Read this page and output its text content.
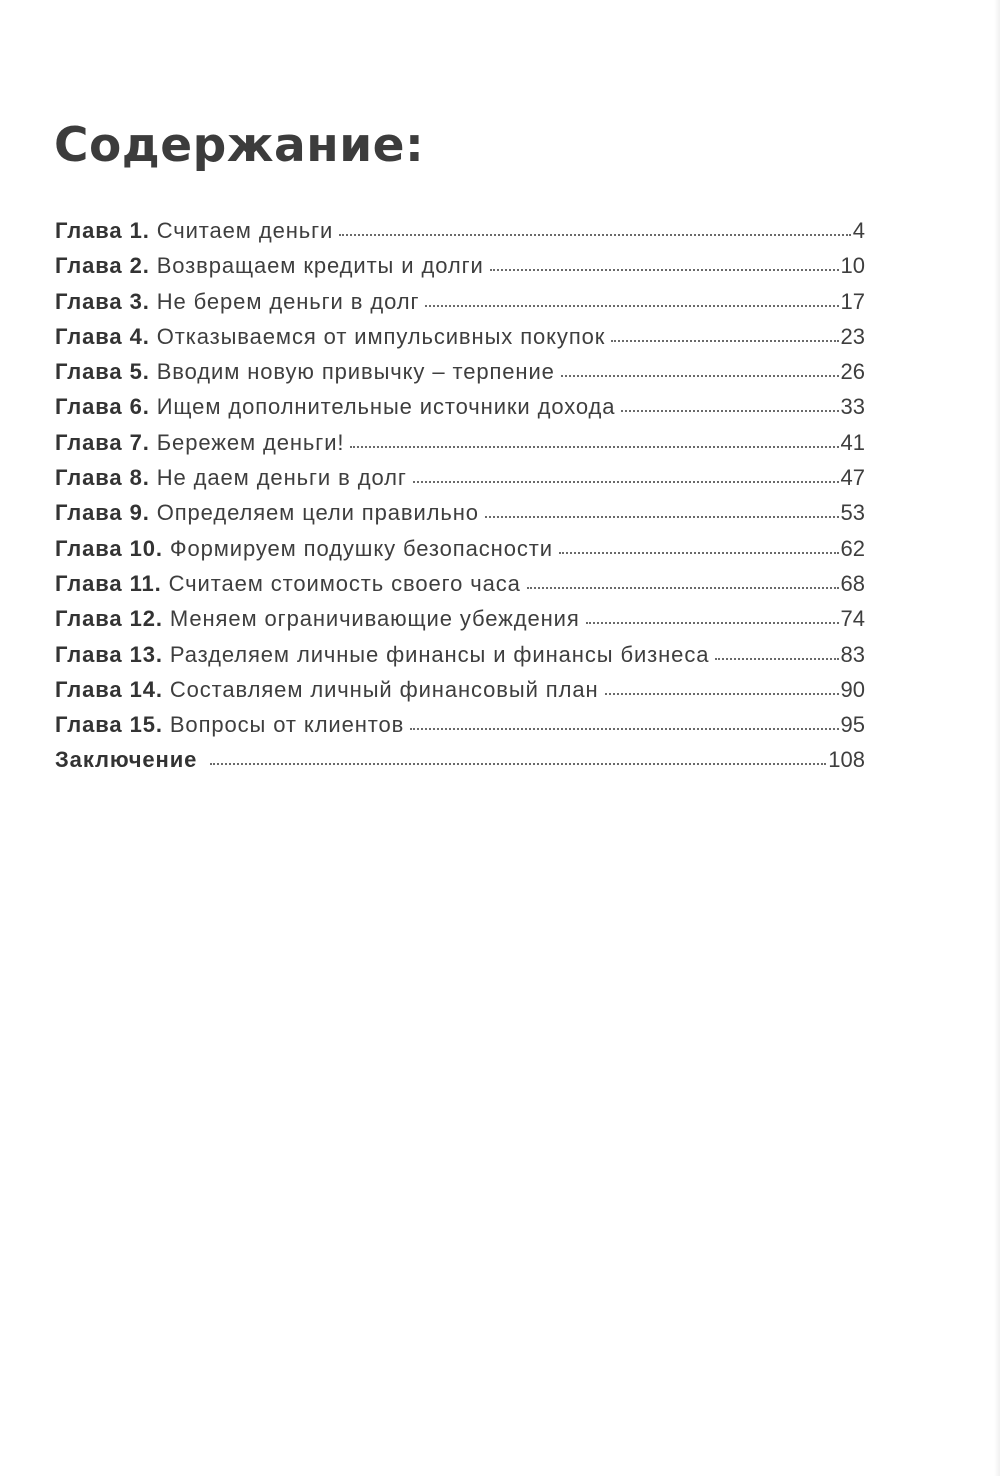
Содержание:
Глава 1. Считаем деньги	4
Глава 2. Возвращаем кредиты и долги	10
Глава 3. Не берем деньги в долг	17
Глава 4. Отказываемся от импульсивных покупок	23
Глава 5. Вводим новую привычку – терпение	26
Глава 6. Ищем дополнительные источники дохода	33
Глава 7. Бережем деньги!	41
Глава 8. Не даем деньги в долг	47
Глава 9. Определяем цели правильно	53
Глава 10. Формируем подушку безопасности	62
Глава 11. Считаем стоимость своего часа	68
Глава 12. Меняем ограничивающие убеждения	74
Глава 13. Разделяем личные финансы и финансы бизнеса	83
Глава 14. Составляем личный финансовый план	90
Глава 15. Вопросы от клиентов	95
Заключение	108
